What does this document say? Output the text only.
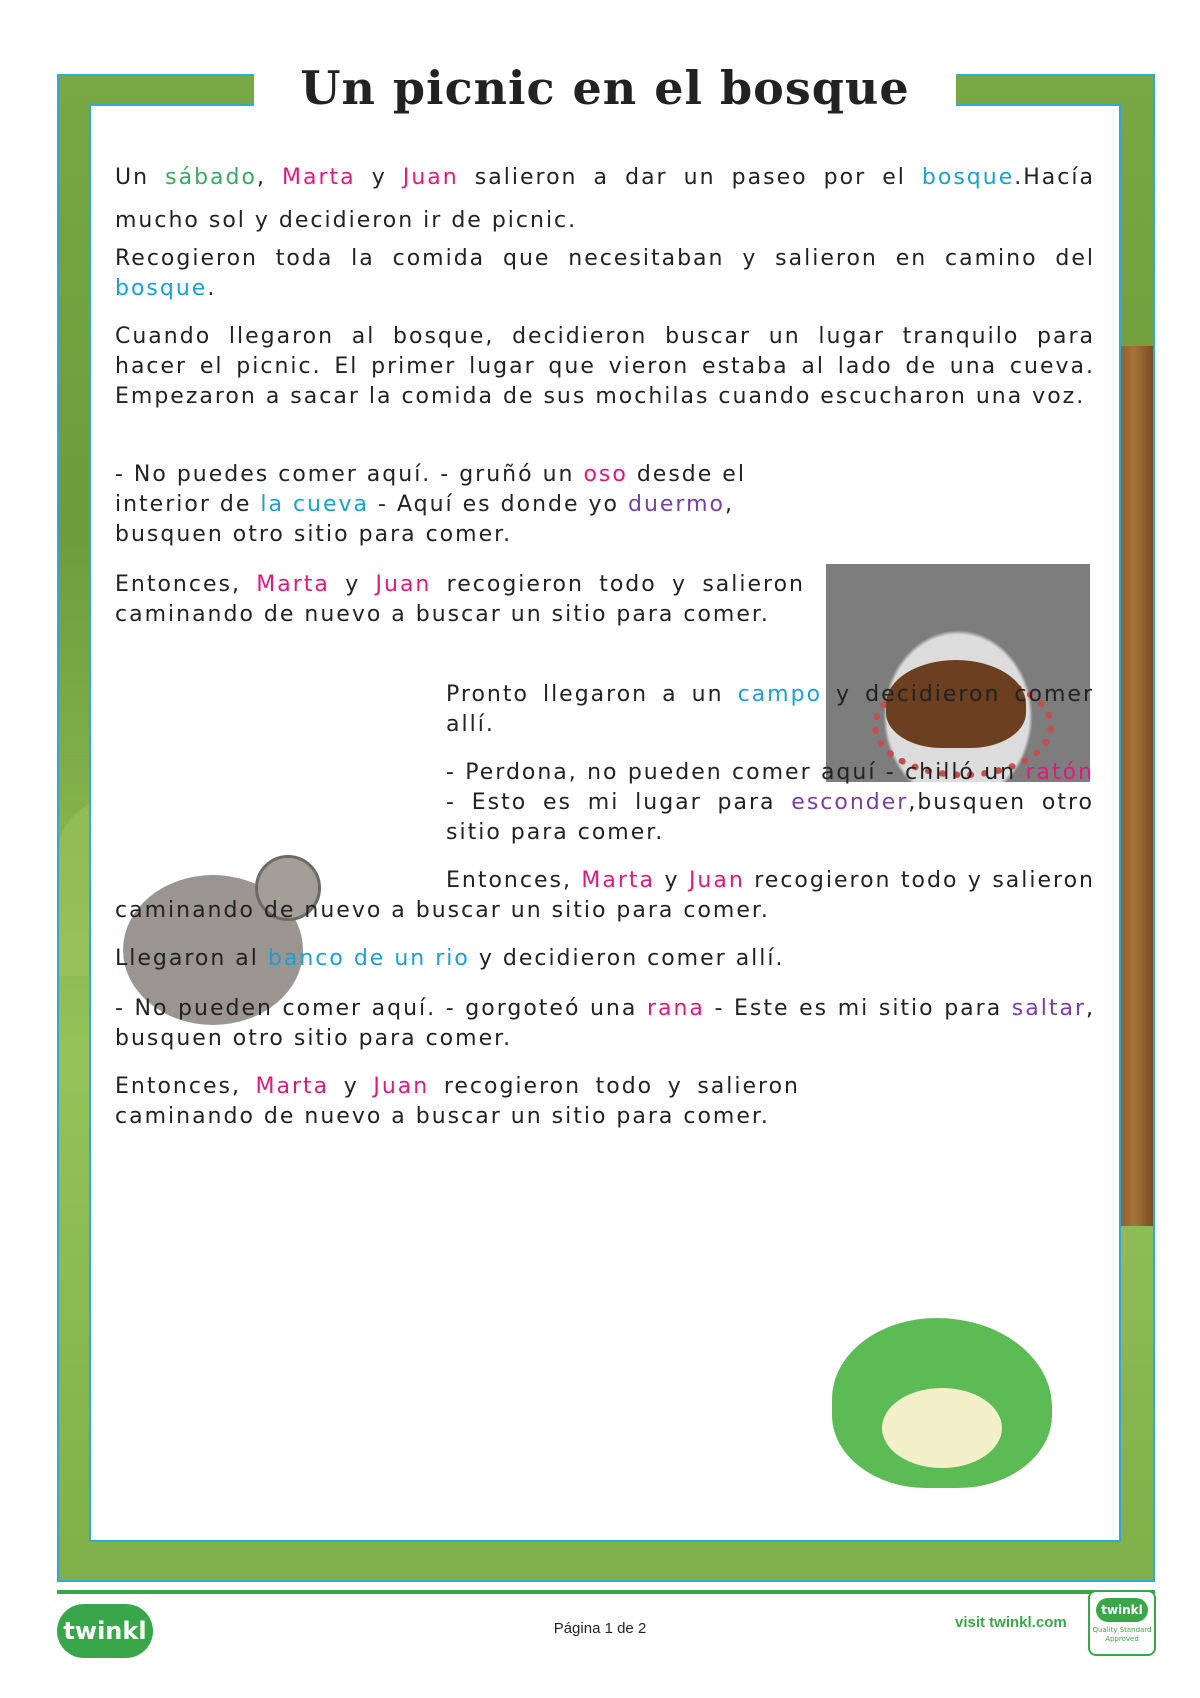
Un picnic en el bosque

Un sábado, Marta y Juan salieron a dar un paseo por el bosque.Hacía mucho sol y decidieron ir de picnic.

Recogieron toda la comida que necesitaban y salieron en camino del bosque.

Cuando llegaron al bosque, decidieron buscar un lugar tranquilo para hacer el picnic. El primer lugar que vieron estaba al lado de una cueva. Empezaron a sacar la comida de sus mochilas cuando escucharon una voz.

- No puedes comer aquí. - gruñó un oso desde el interior de la cueva - Aquí es donde yo duermo, busquen otro sitio para comer.

Entonces, Marta y Juan recogieron todo y salieron caminando de nuevo a buscar un sitio para comer.

Pronto llegaron a un campo y decidieron comer allí.

- Perdona, no pueden comer aquí - chilló un ratón - Esto es mi lugar para esconder,busquen otro sitio para comer.

Entonces, Marta y Juan recogieron todo y salieron caminando de nuevo a buscar un sitio para comer.

Llegaron al banco de un rio y decidieron comer allí.

- No pueden comer aquí. - gorgoteó una rana - Este es mi sitio para saltar, busquen otro sitio para comer.

Entonces, Marta y Juan recogieron todo y salieron caminando de nuevo a buscar un sitio para comer.

twinkl	Página 1 de 2	visit twinkl.com
twinkl
Quality Standard Approved
